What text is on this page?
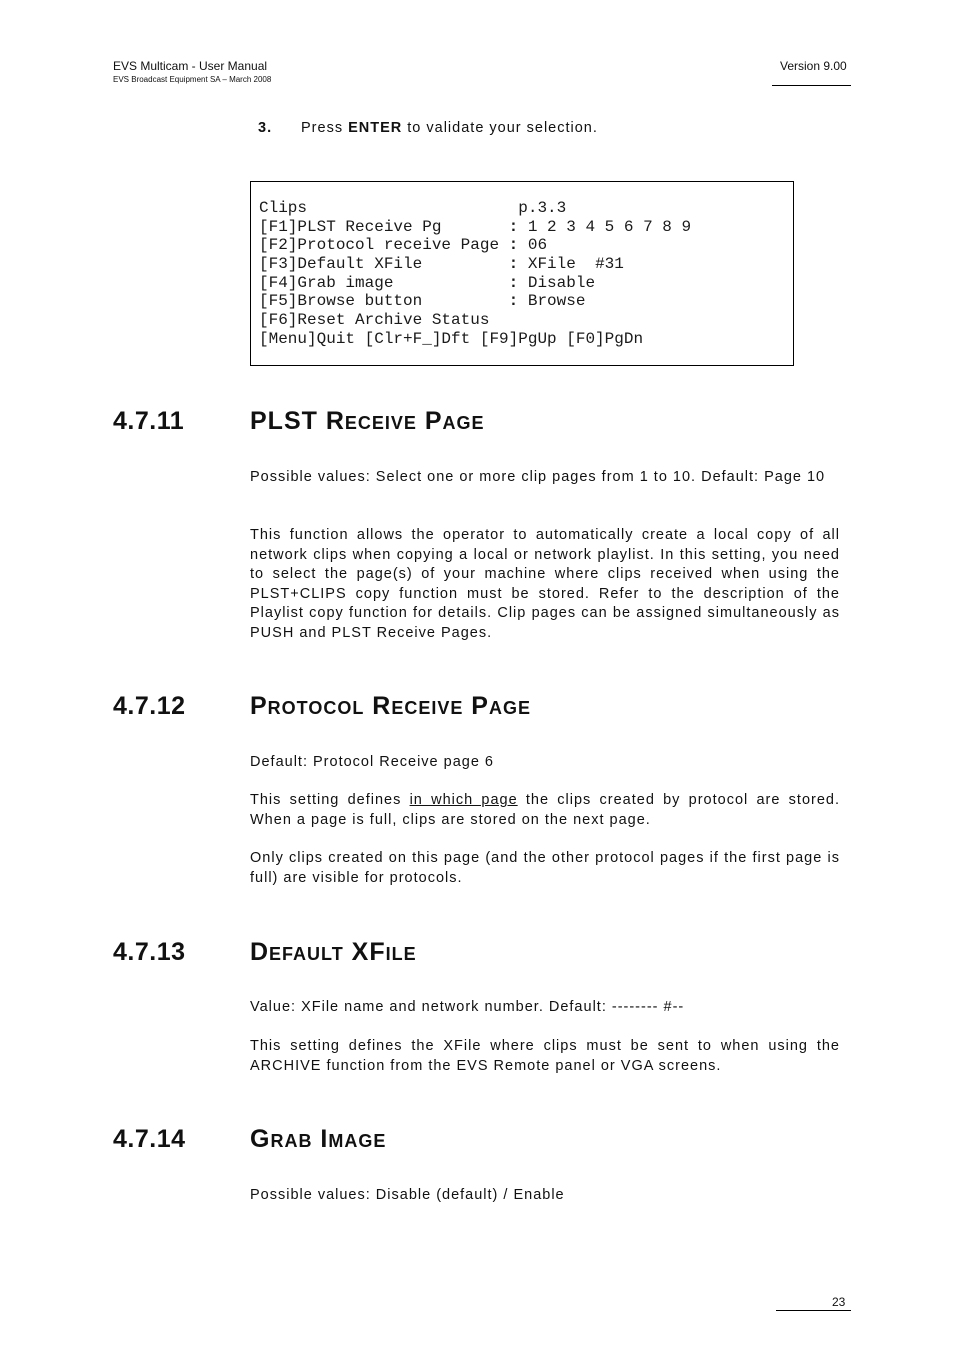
EVS Multicam - User Manual
EVS Broadcast Equipment SA – March 2008
Version 9.00
3. Press ENTER to validate your selection.
Clips	p.3.3
[F1]PLST Receive Pg       : 1 2 3 4 5 6 7 8 9
[F2]Protocol receive Page : 06
[F3]Default XFile         : XFile  #31
[F4]Grab image            : Disable
[F5]Browse button         : Browse
[F6]Reset Archive Status
[Menu]Quit [Clr+F_]Dft [F9]PgUp [F0]PgDn
4.7.11	PLST Receive Page
Possible values: Select one or more clip pages from 1 to 10. Default: Page 10
This function allows the operator to automatically create a local copy of all network clips when copying a local or network playlist. In this setting, you need to select the page(s) of your machine where clips received when using the PLST+CLIPS copy function must be stored. Refer to the description of the Playlist copy function for details. Clip pages can be assigned simultaneously as PUSH and PLST Receive Pages.
4.7.12	Protocol Receive Page
Default: Protocol Receive page 6
This setting defines in which page the clips created by protocol are stored. When a page is full, clips are stored on the next page.
Only clips created on this page (and the other protocol pages if the first page is full) are visible for protocols.
4.7.13	Default XFile
Value: XFile name and network number. Default: -------- #--
This setting defines the XFile where clips must be sent to when using the ARCHIVE function from the EVS Remote panel or VGA screens.
4.7.14	Grab Image
Possible values: Disable (default) / Enable
23
